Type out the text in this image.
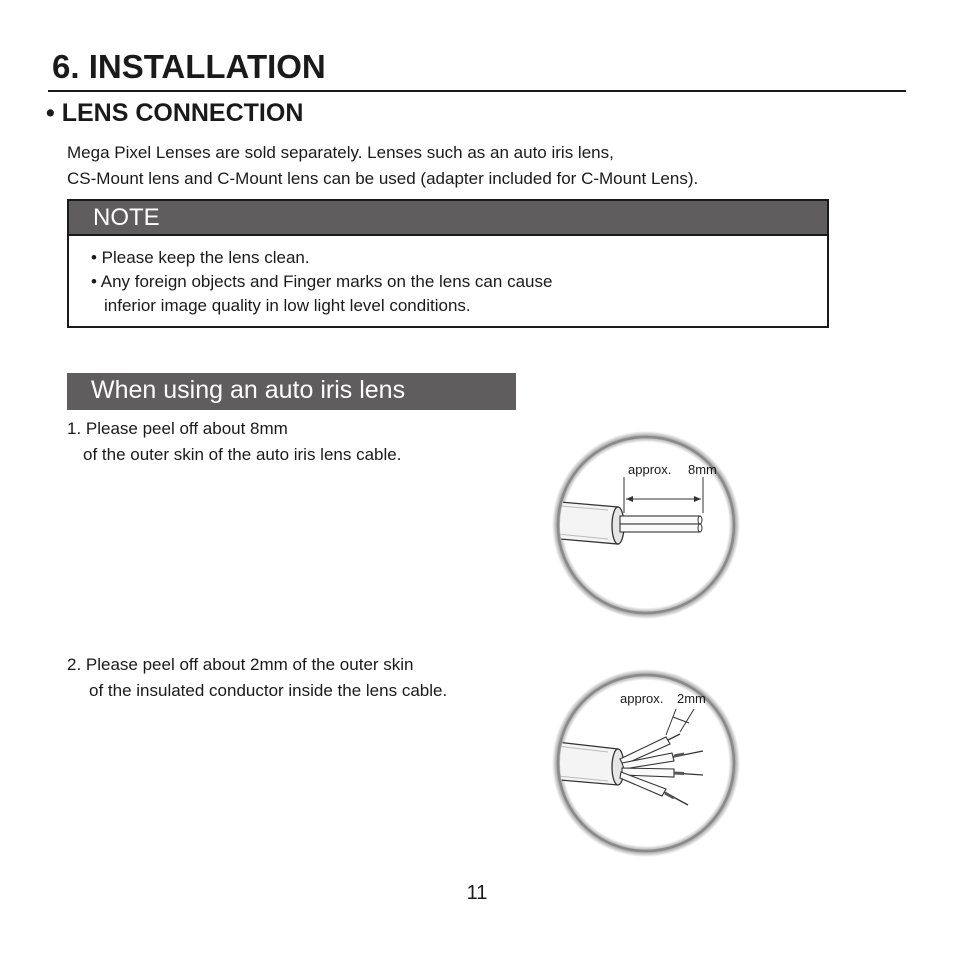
6. INSTALLATION
• LENS CONNECTION
Mega Pixel Lenses are sold separately. Lenses such as an auto iris lens,
CS-Mount lens and C-Mount lens can be used (adapter included for C-Mount Lens).
NOTE
• Please keep the lens clean.
• Any foreign objects and Finger marks on the lens can cause
inferior image quality in low light level conditions.
When using an auto iris lens
1. Please peel off about 8mm
of the outer skin of the auto iris lens cable.
2. Please peel off about 2mm of the outer skin
of the insulated conductor inside the lens cable.
approx. 8mm
approx. 2mm
11
